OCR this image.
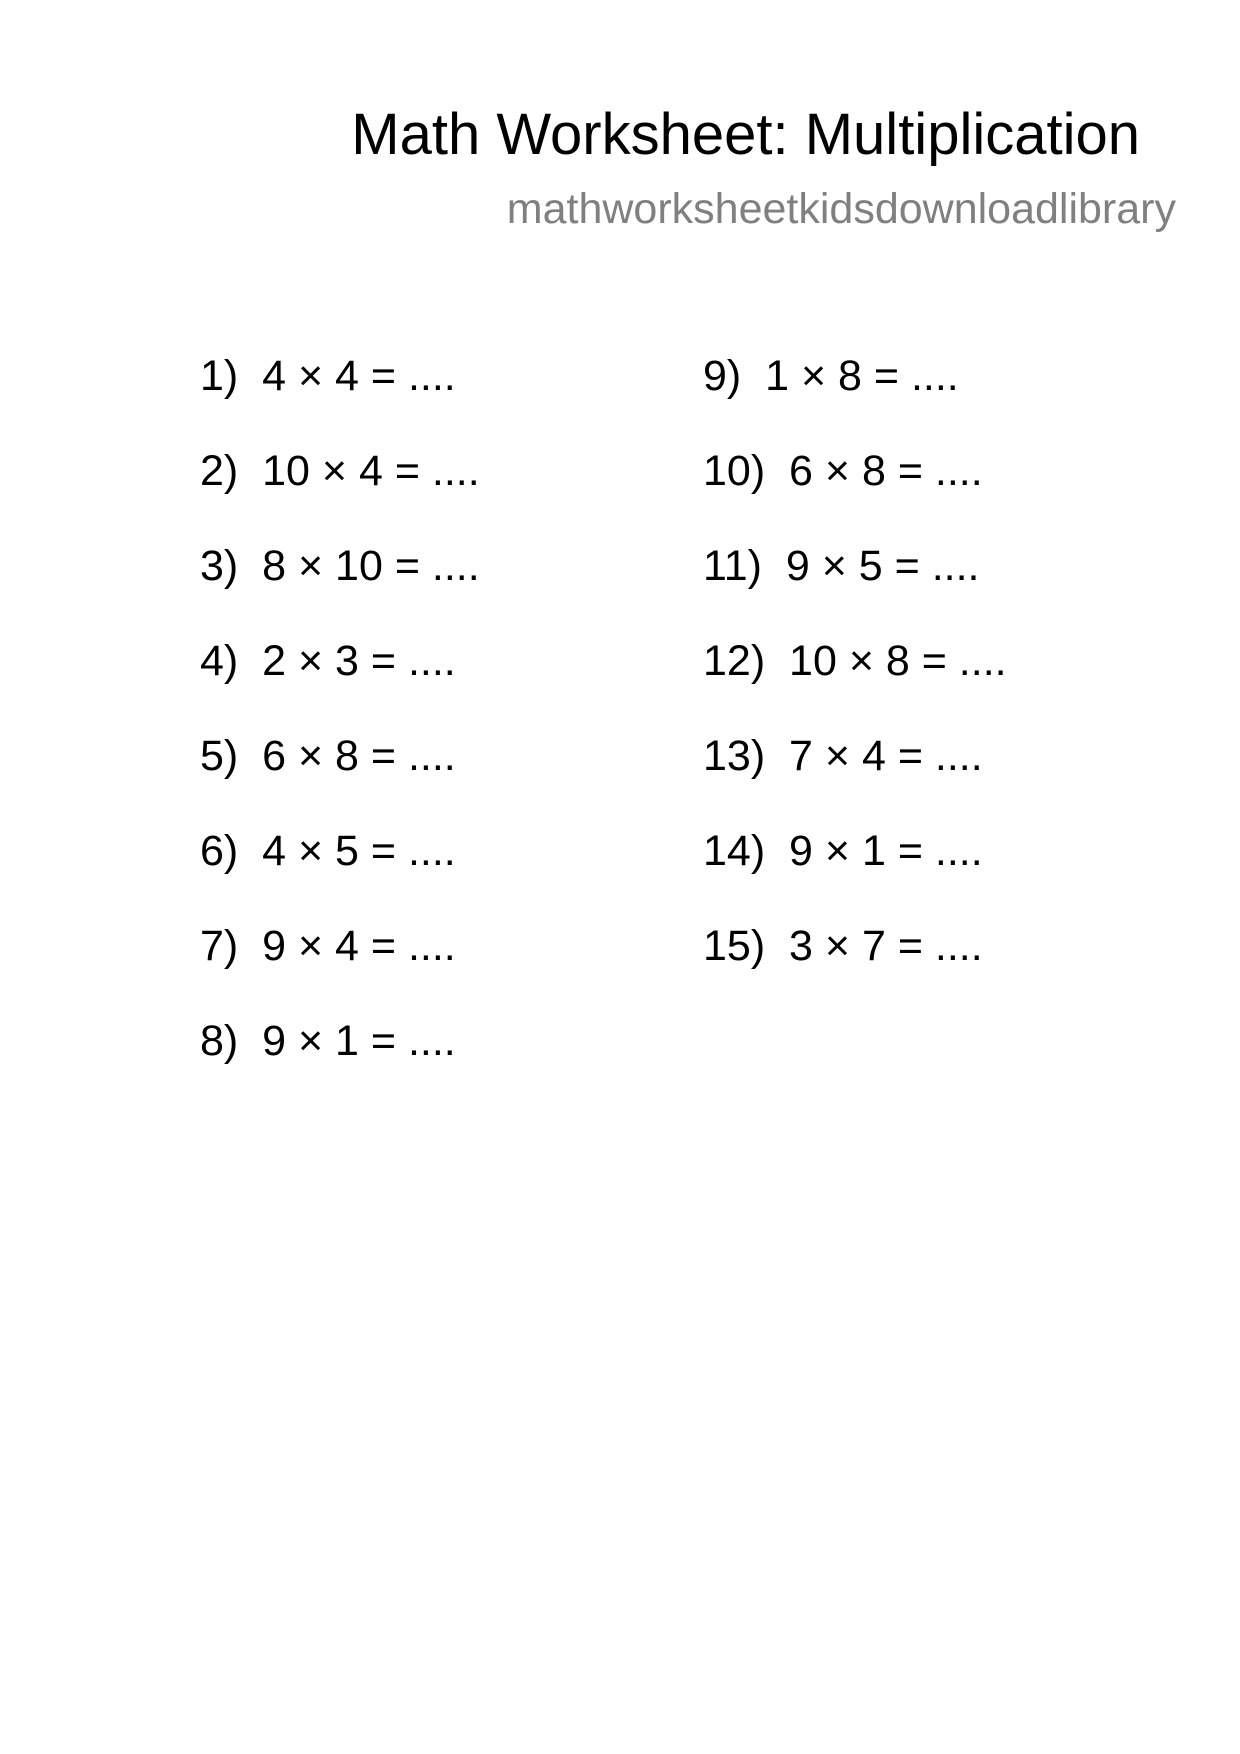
Math Worksheet: Multiplication
mathworksheetkidsdownloadlibrary
1)  4 × 4 = ....
2)  10 × 4 = ....
3)  8 × 10 = ....
4)  2 × 3 = ....
5)  6 × 8 = ....
6)  4 × 5 = ....
7)  9 × 4 = ....
8)  9 × 1 = ....
9)  1 × 8 = ....
10)  6 × 8 = ....
11)  9 × 5 = ....
12)  10 × 8 = ....
13)  7 × 4 = ....
14)  9 × 1 = ....
15)  3 × 7 = ....
